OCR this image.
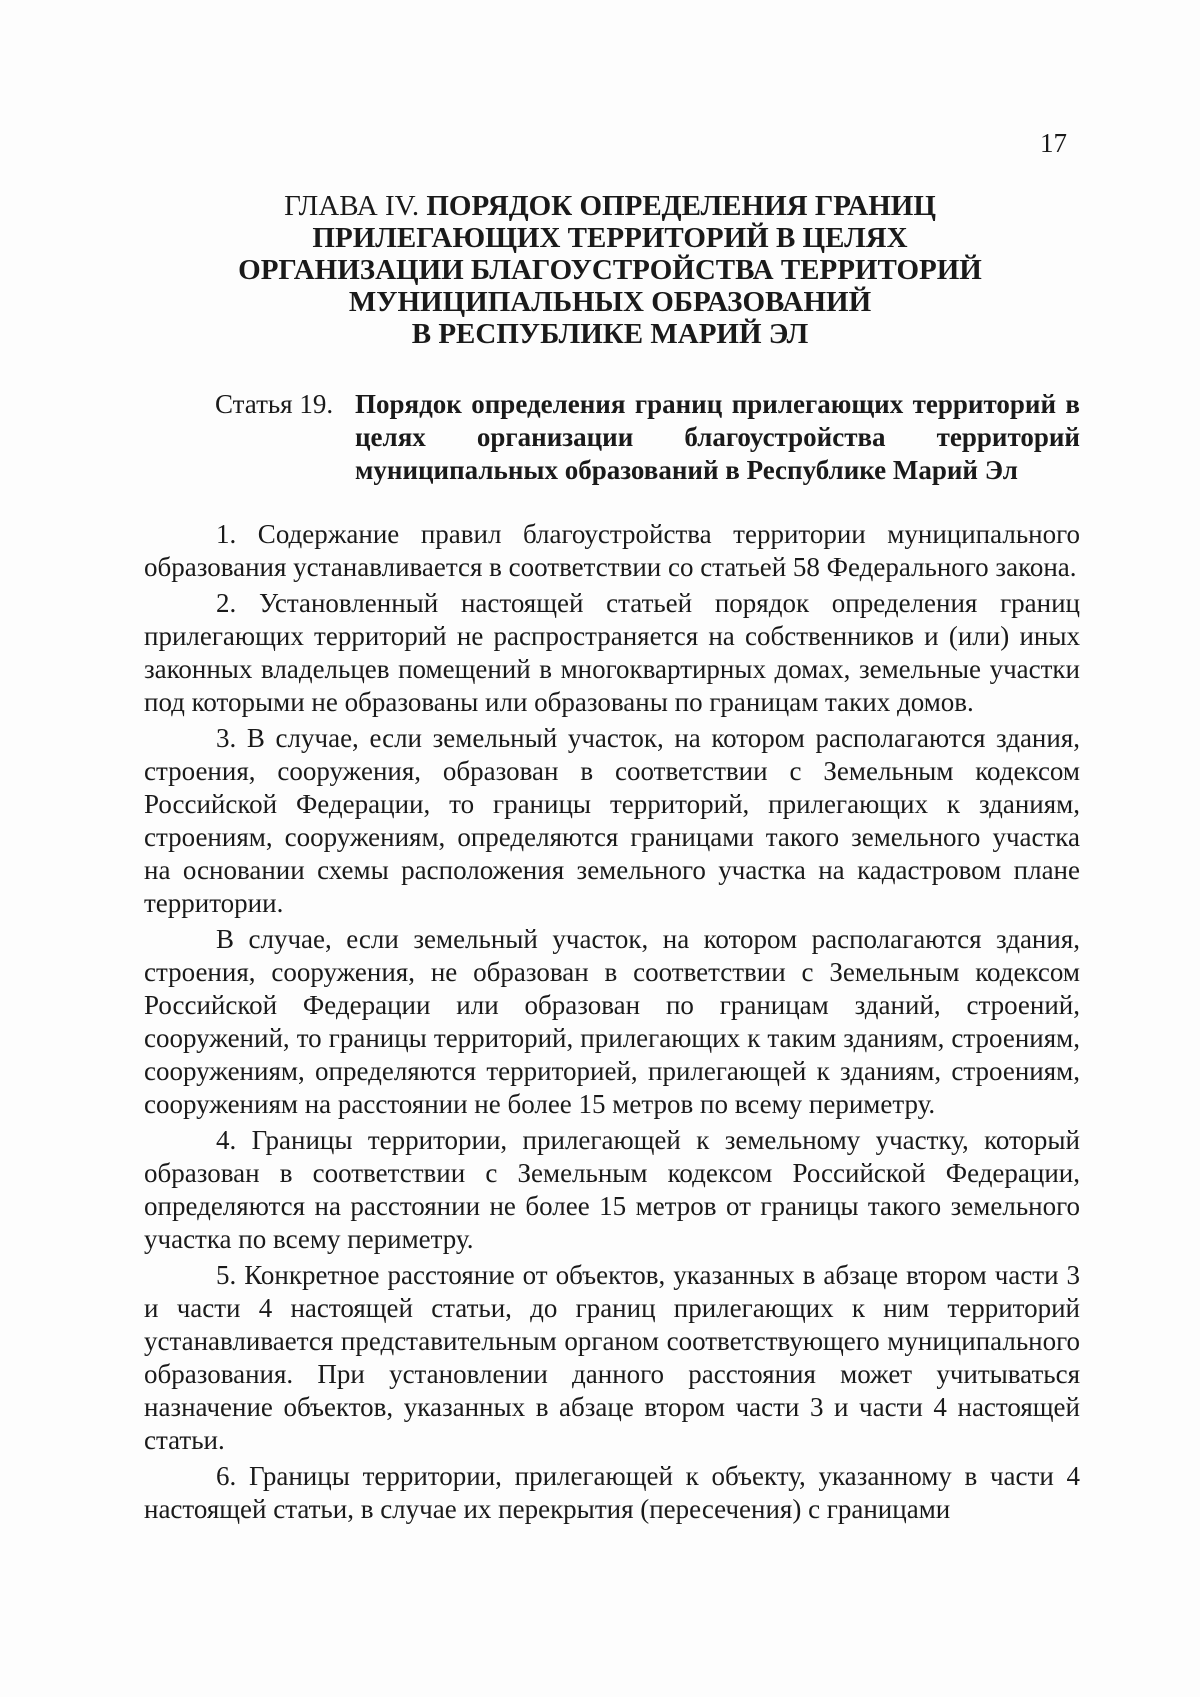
17
ГЛАВА IV. ПОРЯДОК ОПРЕДЕЛЕНИЯ ГРАНИЦ
ПРИЛЕГАЮЩИХ ТЕРРИТОРИЙ В ЦЕЛЯХ
ОРГАНИЗАЦИИ БЛАГОУСТРОЙСТВА ТЕРРИТОРИЙ
МУНИЦИПАЛЬНЫХ ОБРАЗОВАНИЙ
В РЕСПУБЛИКЕ МАРИЙ ЭЛ
Статья 19. Порядок определения границ прилегающих территорий в целях организации благоустройства территорий муниципальных образований в Республике Марий Эл

1. Содержание правил благоустройства территории муниципального образования устанавливается в соответствии со статьей 58 Федерального закона.

2. Установленный настоящей статьей порядок определения границ прилегающих территорий не распространяется на собственников и (или) иных законных владельцев помещений в многоквартирных домах, земельные участки под которыми не образованы или образованы по границам таких домов.

3. В случае, если земельный участок, на котором располагаются здания, строения, сооружения, образован в соответствии с Земельным кодексом Российской Федерации, то границы территорий, прилегающих к зданиям, строениям, сооружениям, определяются границами такого земельного участка на основании схемы расположения земельного участка на кадастровом плане территории.

В случае, если земельный участок, на котором располагаются здания, строения, сооружения, не образован в соответствии с Земельным кодексом Российской Федерации или образован по границам зданий, строений, сооружений, то границы территорий, прилегающих к таким зданиям, строениям, сооружениям, определяются территорией, прилегающей к зданиям, строениям, сооружениям на расстоянии не более 15 метров по всему периметру.

4. Границы территории, прилегающей к земельному участку, который образован в соответствии с Земельным кодексом Российской Федерации, определяются на расстоянии не более 15 метров от границы такого земельного участка по всему периметру.

5. Конкретное расстояние от объектов, указанных в абзаце втором части 3 и части 4 настоящей статьи, до границ прилегающих к ним территорий устанавливается представительным органом соответствующего муниципального образования. При установлении данного расстояния может учитываться назначение объектов, указанных в абзаце втором части 3 и части 4 настоящей статьи.

6. Границы территории, прилегающей к объекту, указанному в части 4 настоящей статьи, в случае их перекрытия (пересечения) с границами
